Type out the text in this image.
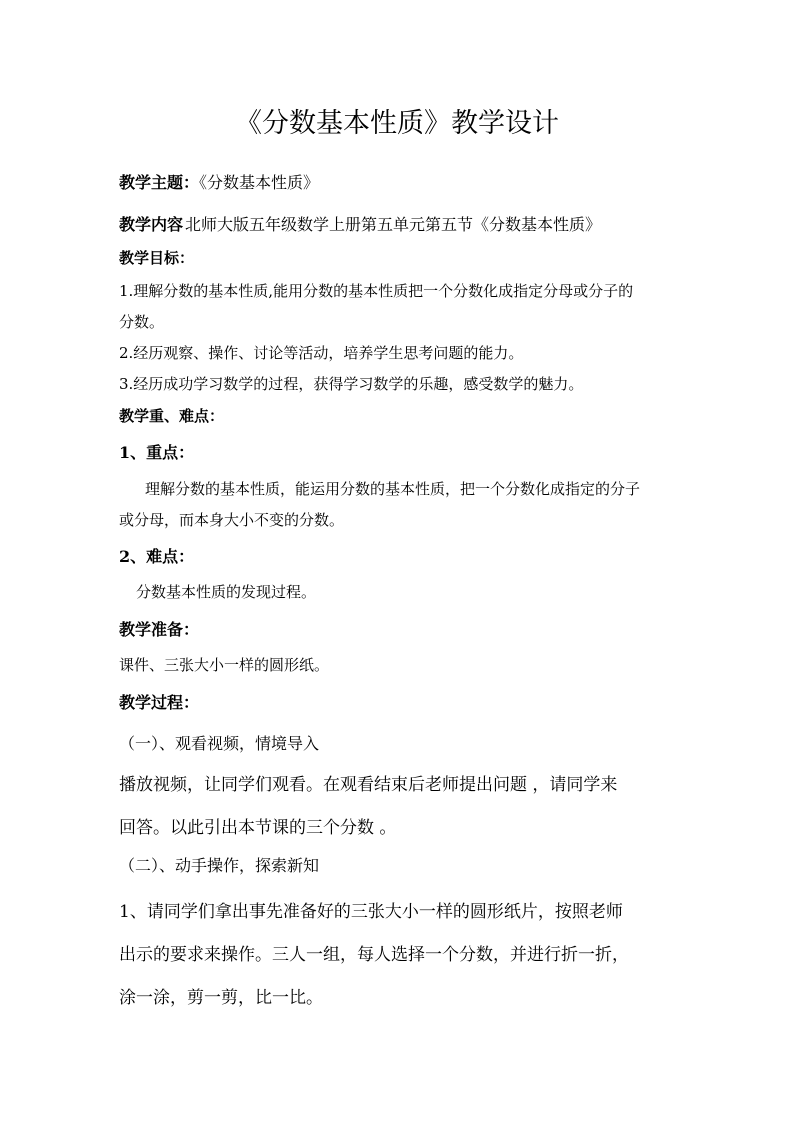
《分数基本性质》教学设计
教学主题：《分数基本性质》
教学内容 北师大版五年级数学上册第五单元第五节《分数基本性质》
教学目标：
1.理解分数的基本性质,能用分数的基本性质把一个分数化成指定分母或分子的
分数。
2.经历观察、操作、讨论等活动，培养学生思考问题的能力。
3.经历成功学习数学的过程，获得学习数学的乐趣，感受数学的魅力。
教学重、难点：
1、重点：
理解分数的基本性质，能运用分数的基本性质，把一个分数化成指定的分子
或分母，而本身大小不变的分数。
2、难点：
分数基本性质的发现过程。
教学准备：
课件、三张大小一样的圆形纸。
教学过程：
（一）、观看视频，情境导入
播放视频，让同学们观看。在观看结束后老师提出问题 ，请同学来
回答。以此引出本节课的三个分数 。
（二）、动手操作，探索新知
1、请同学们拿出事先准备好的三张大小一样的圆形纸片，按照老师
出示的要求来操作。三人一组，每人选择一个分数，并进行折一折，
涂一涂，剪一剪，比一比。
